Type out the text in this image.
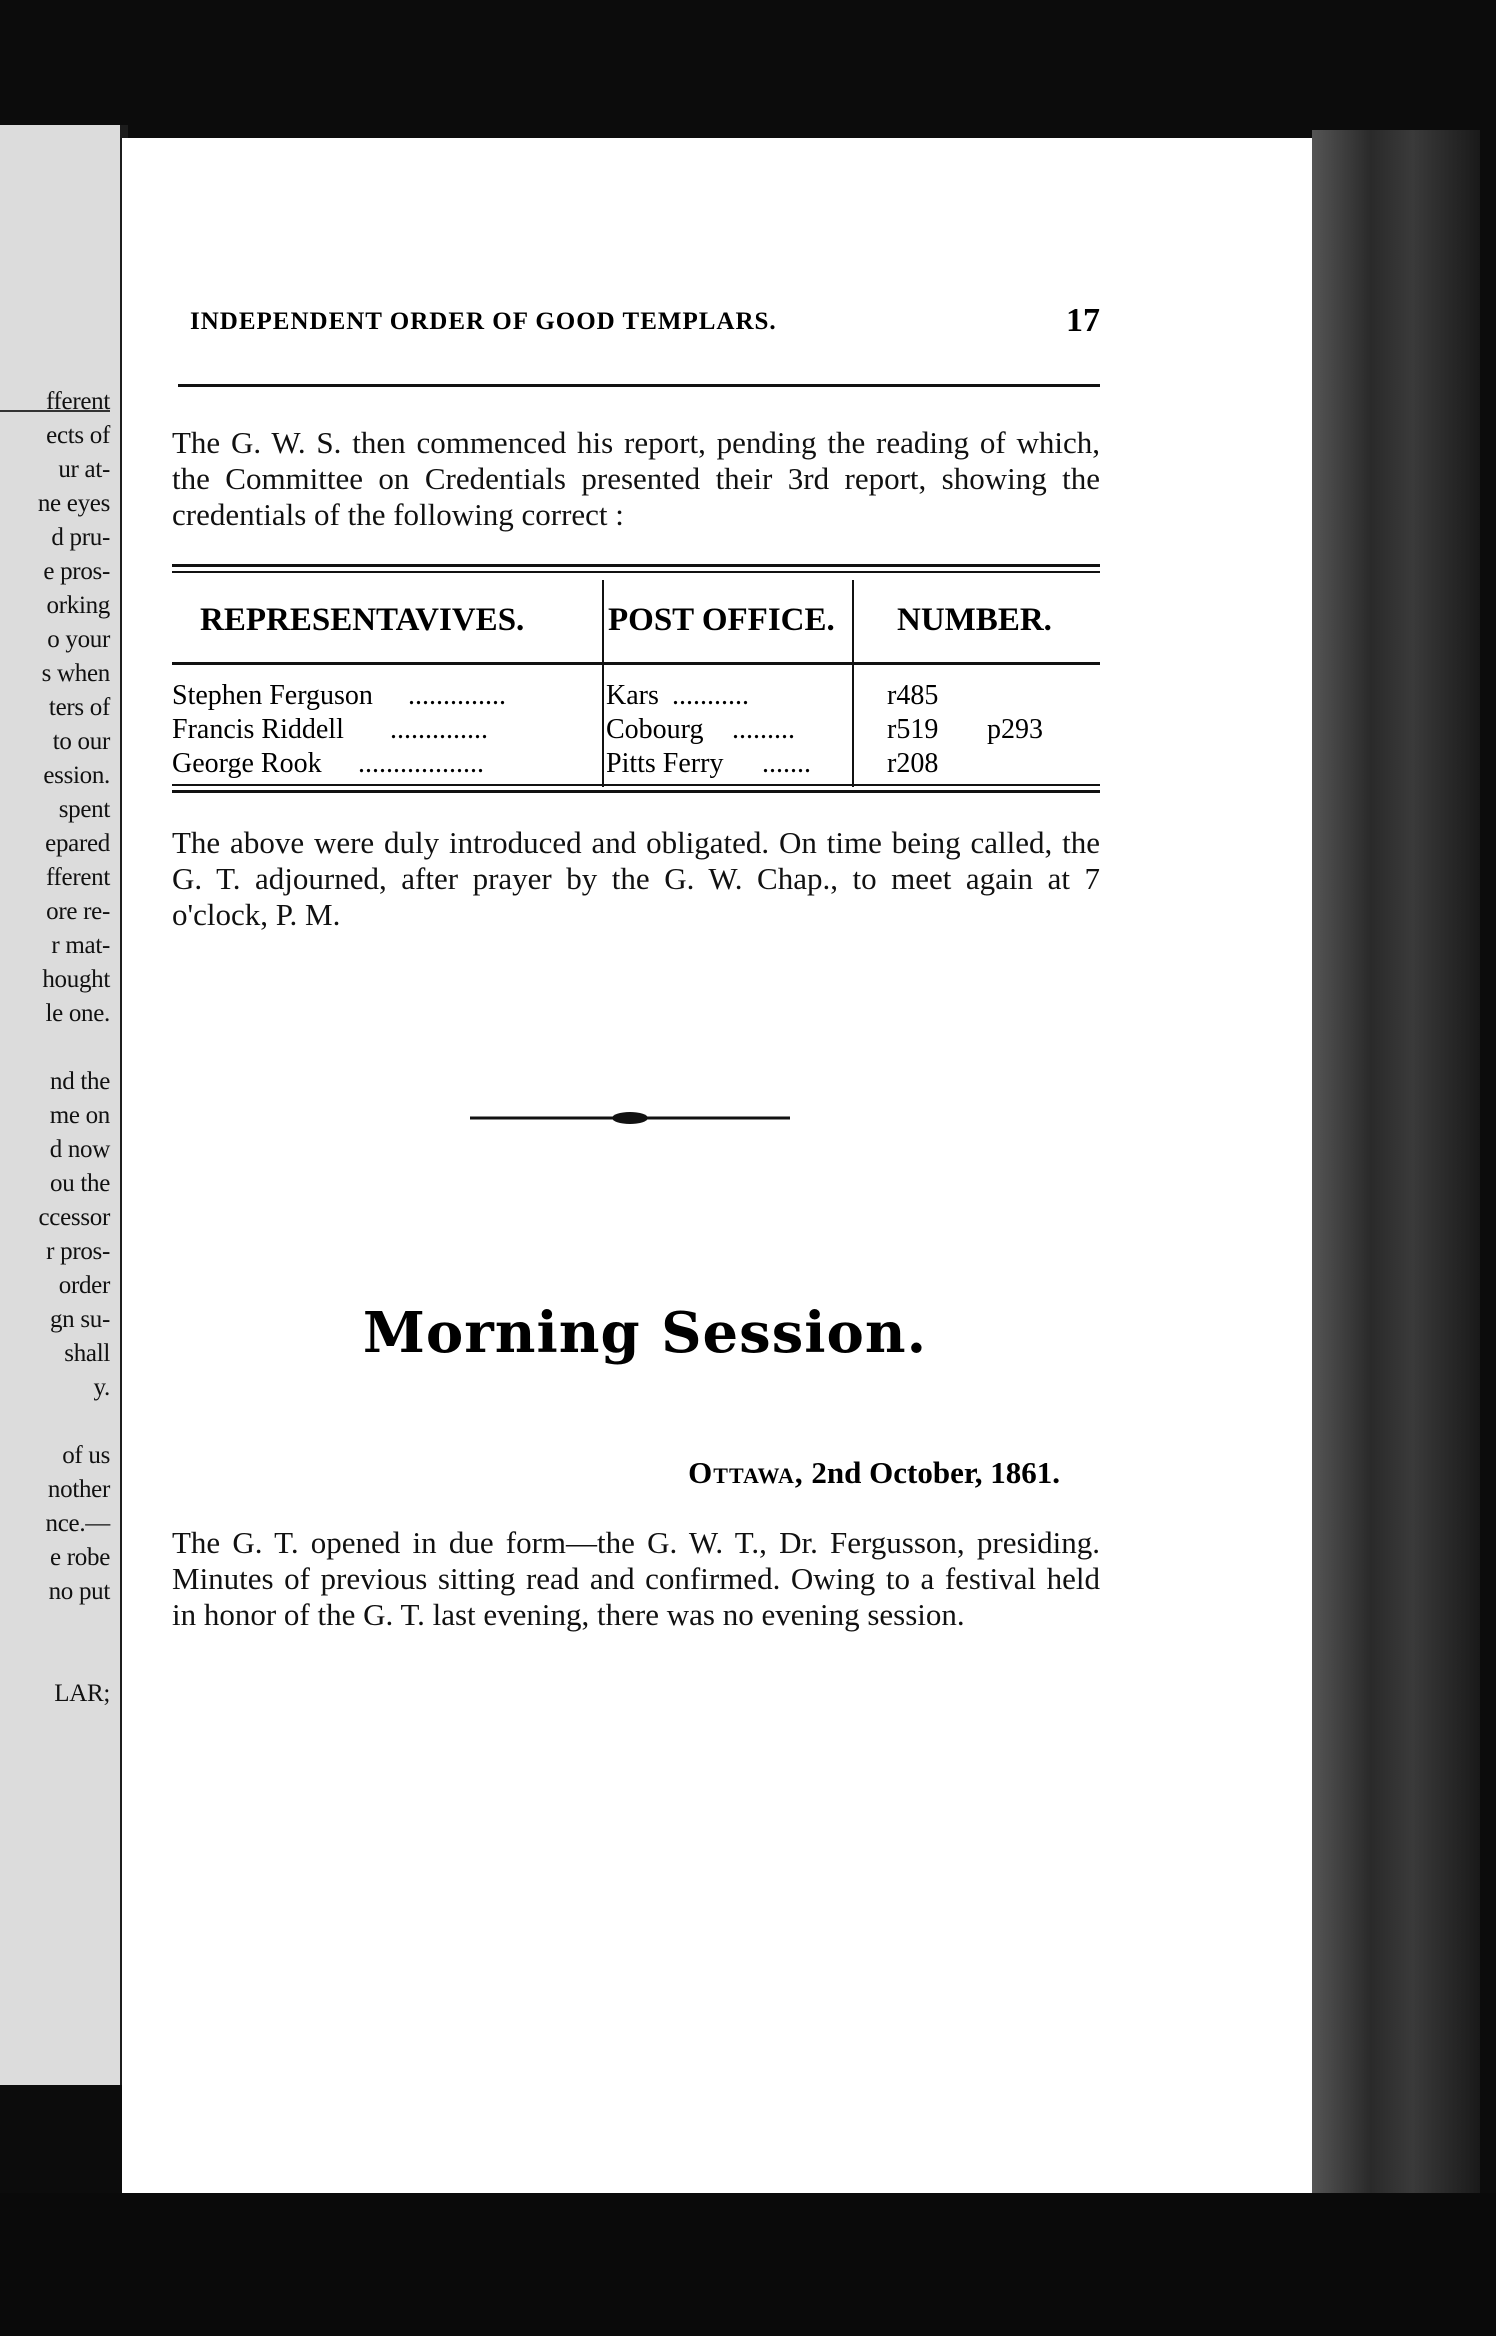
fferent
ects of
ur at-
ne eyes
d pru-
e pros-
orking
o your
s when
ters of
to our
ession.
spent
epared
fferent
ore re-
r mat-
hought
le one.

nd the
me on
d now
ou the
ccessor
r pros-
order
gn su-
shall
y.

of us
nother
nce.—
e robe
no put

LAR;
INDEPENDENT ORDER OF GOOD TEMPLARS.	17
The G. W. S. then commenced his report, pending the reading of which, the Committee on Credentials presented their 3rd report, showing the credentials of the following correct :
REPRESENTAVIVES.	POST OFFICE. NUMBER.
Stephen Ferguson ..............	Kars ...........	r485
Francis Riddell ..............	Cobourg .........	r519 p293
George Rook ..................	Pitts Ferry .......	r208
The above were duly introduced and obligated. On time being called, the G. T. adjourned, after prayer by the G. W. Chap., to meet again at 7 o'clock, P. M.
Morning Session.
Ottawa, 2nd October, 1861.
The G. T. opened in due form—the G. W. T., Dr. Fergusson, presiding. Minutes of previous sitting read and confirmed. Owing to a festival held in honor of the G. T. last evening, there was no evening session.
